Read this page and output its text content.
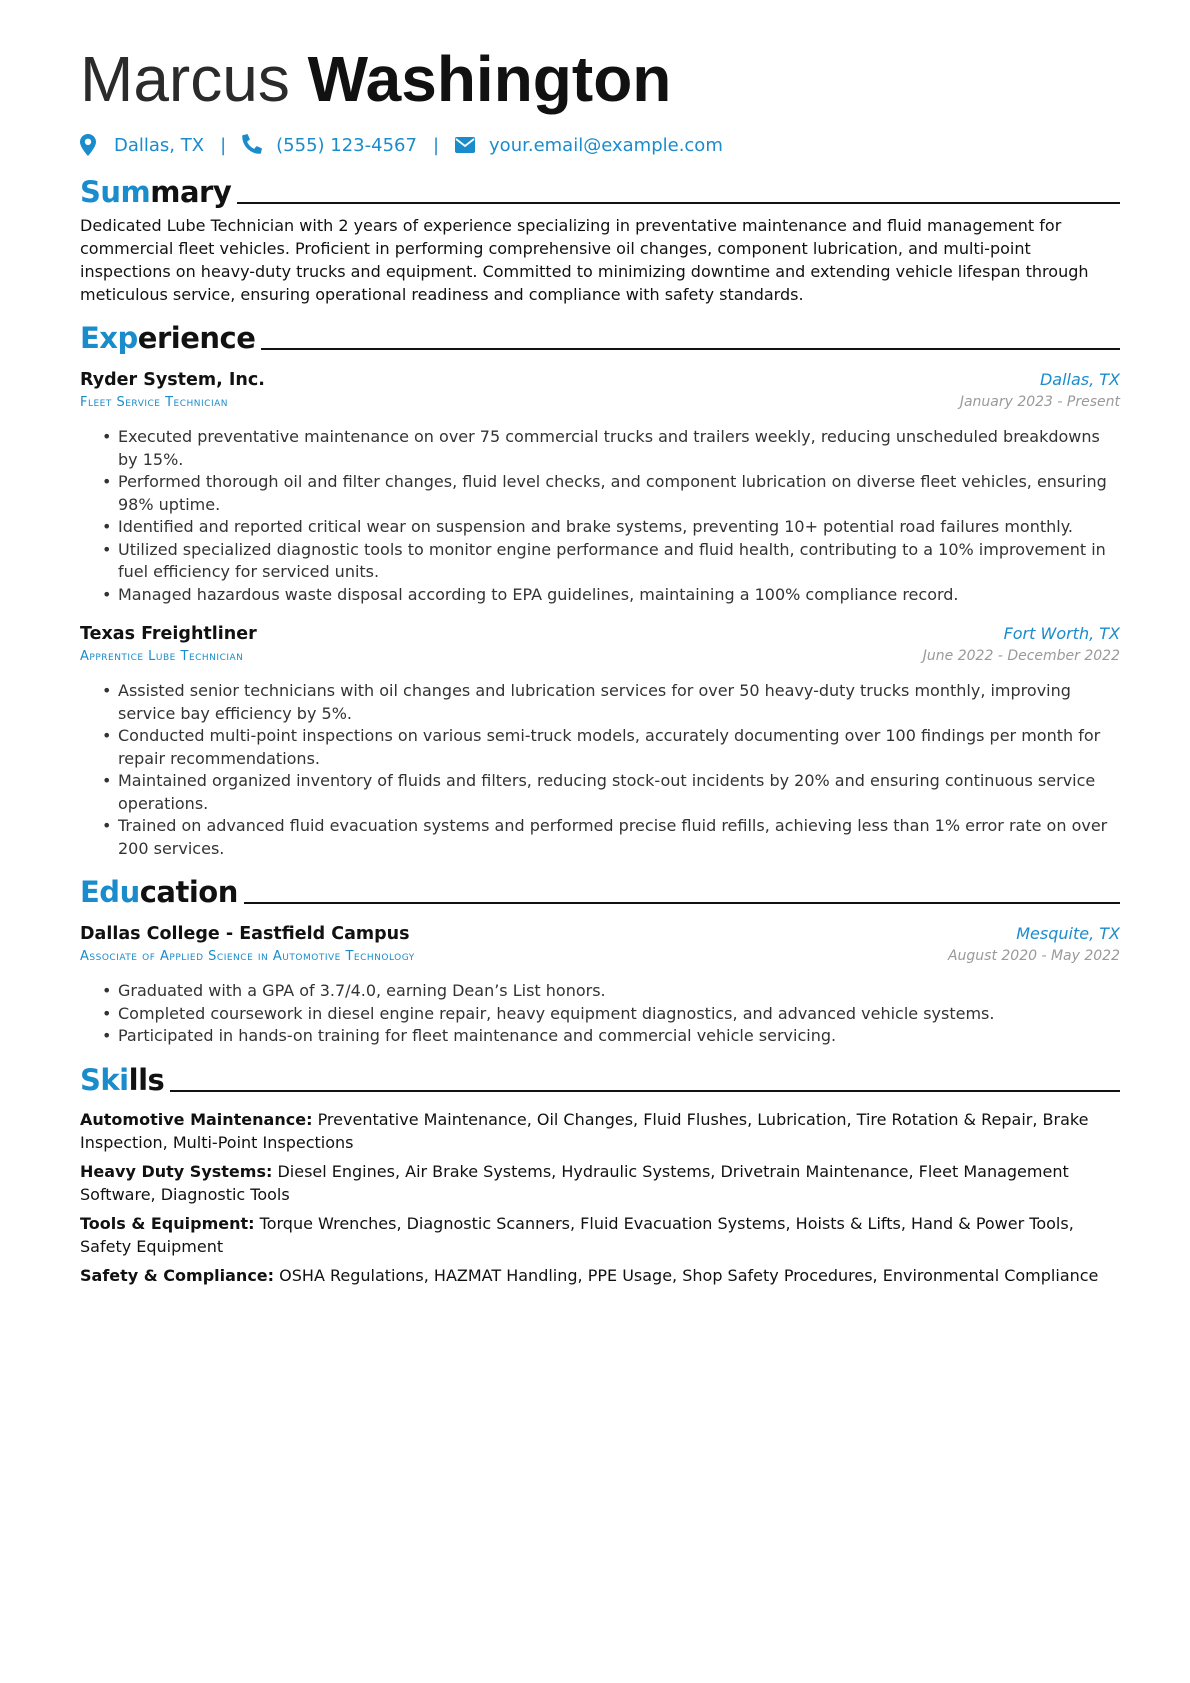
Marcus Washington
Dallas, TX |	(555) 123-4567 |	your.email@example.com
Summary
Dedicated Lube Technician with 2 years of experience specializing in preventative maintenance and fluid management for commercial fleet vehicles. Proficient in performing comprehensive oil changes, component lubrication, and multi-point inspections on heavy-duty trucks and equipment. Committed to minimizing downtime and extending vehicle lifespan through meticulous service, ensuring operational readiness and compliance with safety standards.
Experience
Ryder System, Inc.	Dallas, TX
Fleet Service Technician	January 2023 - Present
• Executed preventative maintenance on over 75 commercial trucks and trailers weekly, reducing unscheduled breakdowns by 15%.
• Performed thorough oil and filter changes, fluid level checks, and component lubrication on diverse fleet vehicles, ensuring 98% uptime.
• Identified and reported critical wear on suspension and brake systems, preventing 10+ potential road failures monthly.
• Utilized specialized diagnostic tools to monitor engine performance and fluid health, contributing to a 10% improvement in fuel efficiency for serviced units.
• Managed hazardous waste disposal according to EPA guidelines, maintaining a 100% compliance record.
Texas Freightliner	Fort Worth, TX
Apprentice Lube Technician	June 2022 - December 2022
• Assisted senior technicians with oil changes and lubrication services for over 50 heavy-duty trucks monthly, improving service bay efficiency by 5%.
• Conducted multi-point inspections on various semi-truck models, accurately documenting over 100 findings per month for repair recommendations.
• Maintained organized inventory of fluids and filters, reducing stock-out incidents by 20% and ensuring continuous service operations.
• Trained on advanced fluid evacuation systems and performed precise fluid refills, achieving less than 1% error rate on over 200 services.
Education
Dallas College - Eastfield Campus	Mesquite, TX
Associate of Applied Science in Automotive Technology	August 2020 - May 2022
• Graduated with a GPA of 3.7/4.0, earning Dean’s List honors.
• Completed coursework in diesel engine repair, heavy equipment diagnostics, and advanced vehicle systems.
• Participated in hands-on training for fleet maintenance and commercial vehicle servicing.
Skills
Automotive Maintenance: Preventative Maintenance, Oil Changes, Fluid Flushes, Lubrication, Tire Rotation & Repair, Brake Inspection, Multi-Point Inspections
Heavy Duty Systems: Diesel Engines, Air Brake Systems, Hydraulic Systems, Drivetrain Maintenance, Fleet Management Software, Diagnostic Tools
Tools & Equipment: Torque Wrenches, Diagnostic Scanners, Fluid Evacuation Systems, Hoists & Lifts, Hand & Power Tools, Safety Equipment
Safety & Compliance: OSHA Regulations, HAZMAT Handling, PPE Usage, Shop Safety Procedures, Environmental Compliance
